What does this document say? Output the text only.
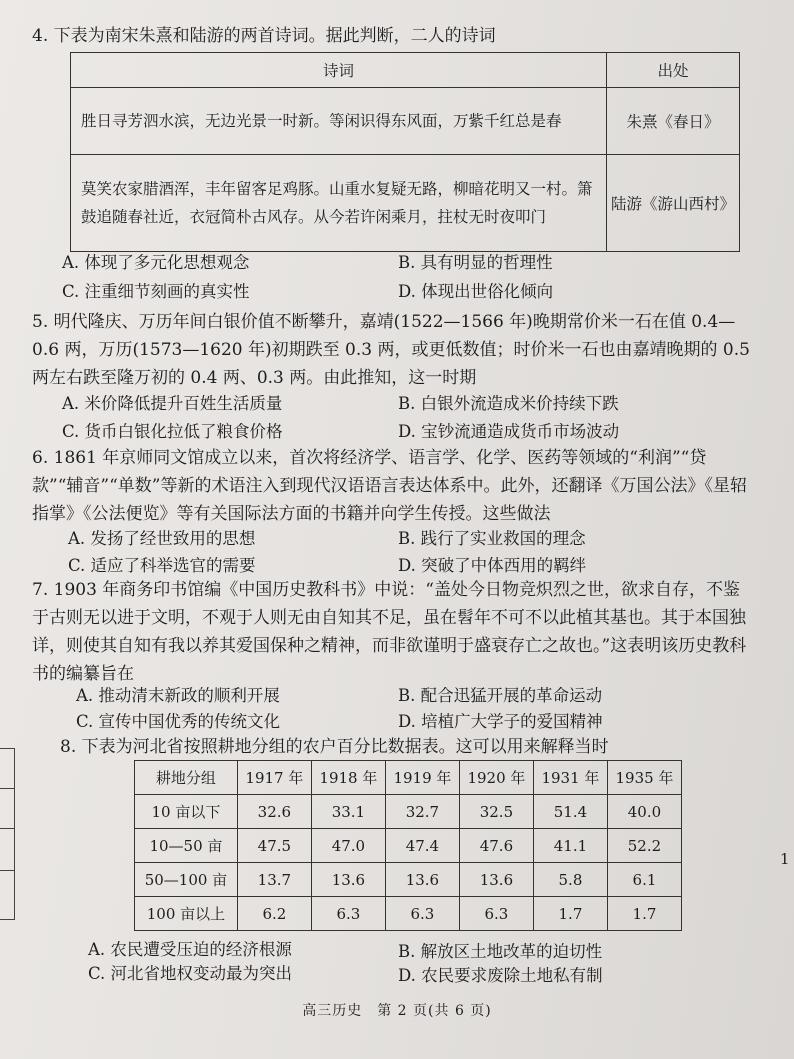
4. 下表为南宋朱熹和陆游的两首诗词。据此判断，二人的诗词
诗词	出处
胜日寻芳泗水滨，无边光景一时新。等闲识得东风面，万紫千红总是春	朱熹《春日》
莫笑农家腊酒浑，丰年留客足鸡豚。山重水复疑无路，柳暗花明又一村。箫鼓追随春社近，衣冠简朴古风存。从今若许闲乘月，拄杖无时夜叩门	陆游《游山西村》
A. 体现了多元化思想观念	B. 具有明显的哲理性
C. 注重细节刻画的真实性	D. 体现出世俗化倾向
5. 明代隆庆、万历年间白银价值不断攀升，嘉靖(1522—1566 年)晚期常价米一石在值 0.4—0.6 两，万历(1573—1620 年)初期跌至 0.3 两，或更低数值；时价米一石也由嘉靖晚期的 0.5 两左右跌至隆万初的 0.4 两、0.3 两。由此推知，这一时期
A. 米价降低提升百姓生活质量	B. 白银外流造成米价持续下跌
C. 货币白银化拉低了粮食价格	D. 宝钞流通造成货币市场波动
6. 1861 年京师同文馆成立以来，首次将经济学、语言学、化学、医药等领域的“利润”“贷款”“辅音”“单数”等新的术语注入到现代汉语语言表达体系中。此外，还翻译《万国公法》《星轺指掌》《公法便览》等有关国际法方面的书籍并向学生传授。这些做法
A. 发扬了经世致用的思想	B. 践行了实业救国的理念
C. 适应了科举选官的需要	D. 突破了中体西用的羁绊
7. 1903 年商务印书馆编《中国历史教科书》中说：“盖处今日物竞炽烈之世，欲求自存，不鉴于古则无以进于文明，不观于人则无由自知其不足，虽在髫年不可不以此植其基也。其于本国独详，则使其自知有我以养其爱国保种之精神，而非欲谨明于盛衰存亡之故也。”这表明该历史教科书的编纂旨在
A. 推动清末新政的顺利开展	B. 配合迅猛开展的革命运动
C. 宣传中国优秀的传统文化	D. 培植广大学子的爱国精神
8. 下表为河北省按照耕地分组的农户百分比数据表。这可以用来解释当时
耕地分组	1917 年	1918 年	1919 年	1920 年	1931 年	1935 年
10 亩以下	32.6	33.1	32.7	32.5	51.4	40.0
10—50 亩	47.5	47.0	47.4	47.6	41.1	52.2
50—100 亩	13.7	13.6	13.6	13.6	5.8	6.1
100 亩以上	6.2	6.3	6.3	6.3	1.7	1.7
A. 农民遭受压迫的经济根源	B. 解放区土地改革的迫切性
C. 河北省地权变动最为突出	D. 农民要求废除土地私有制
高三历史　第 2 页(共 6 页)
1
